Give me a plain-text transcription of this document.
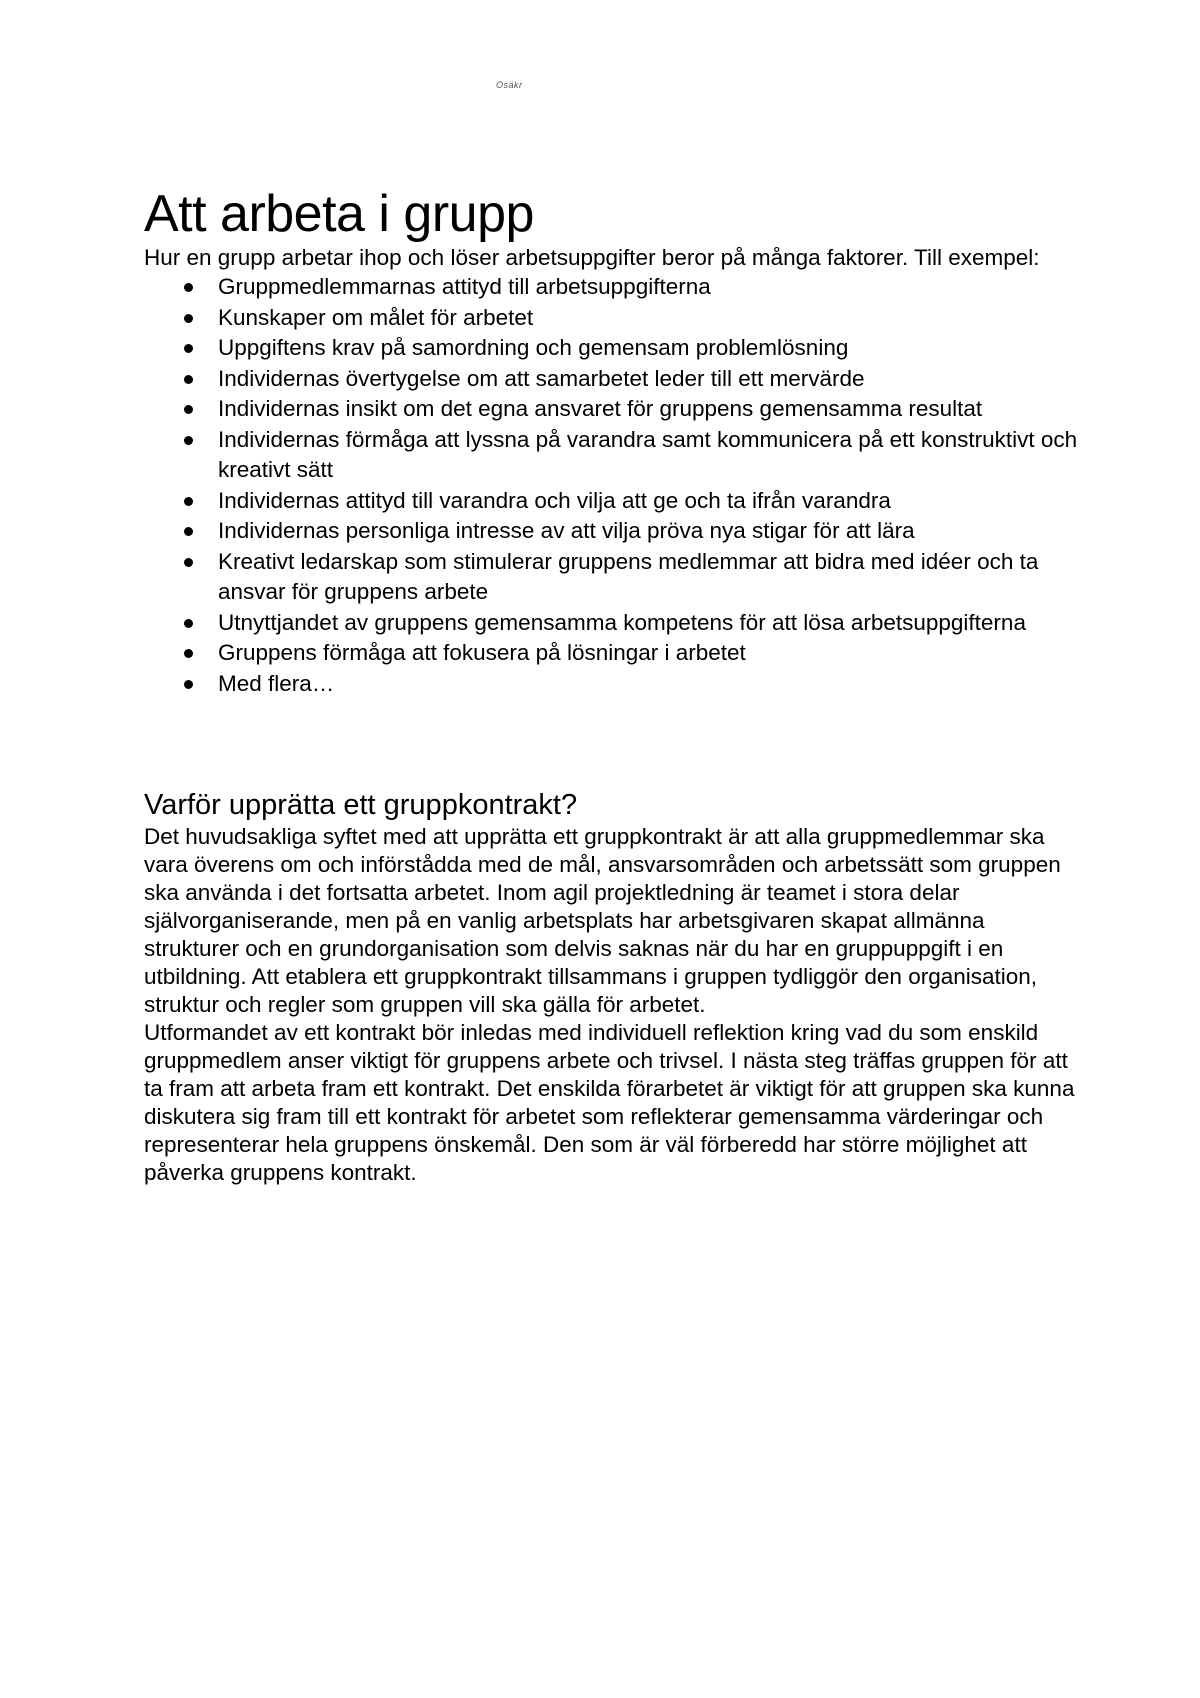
Osäkr
Att arbeta i grupp

Hur en grupp arbetar ihop och löser arbetsuppgifter beror på många faktorer. Till exempel:

Gruppmedlemmarnas attityd till arbetsuppgifterna
Kunskaper om målet för arbetet
Uppgiftens krav på samordning och gemensam problemlösning
Individernas övertygelse om att samarbetet leder till ett mervärde
Individernas insikt om det egna ansvaret för gruppens gemensamma resultat
Individernas förmåga att lyssna på varandra samt kommunicera på ett konstruktivt och kreativt sätt
Individernas attityd till varandra och vilja att ge och ta ifrån varandra
Individernas personliga intresse av att vilja pröva nya stigar för att lära
Kreativt ledarskap som stimulerar gruppens medlemmar att bidra med idéer och ta ansvar för gruppens arbete
Utnyttjandet av gruppens gemensamma kompetens för att lösa arbetsuppgifterna
Gruppens förmåga att fokusera på lösningar i arbetet
Med flera…
Varför upprätta ett gruppkontrakt?

Det huvudsakliga syftet med att upprätta ett gruppkontrakt är att alla gruppmedlemmar ska vara överens om och införstådda med de mål, ansvarsområden och arbetssätt som gruppen ska använda i det fortsatta arbetet. Inom agil projektledning är teamet i stora delar självorganiserande, men på en vanlig arbetsplats har arbetsgivaren skapat allmänna strukturer och en grundorganisation som delvis saknas när du har en gruppuppgift i en utbildning. Att etablera ett gruppkontrakt tillsammans i gruppen tydliggör den organisation, struktur och regler som gruppen vill ska gälla för arbetet.

Utformandet av ett kontrakt bör inledas med individuell reflektion kring vad du som enskild gruppmedlem anser viktigt för gruppens arbete och trivsel. I nästa steg träffas gruppen för att ta fram att arbeta fram ett kontrakt. Det enskilda förarbetet är viktigt för att gruppen ska kunna diskutera sig fram till ett kontrakt för arbetet som reflekterar gemensamma värderingar och representerar hela gruppens önskemål. Den som är väl förberedd har större möjlighet att påverka gruppens kontrakt.
